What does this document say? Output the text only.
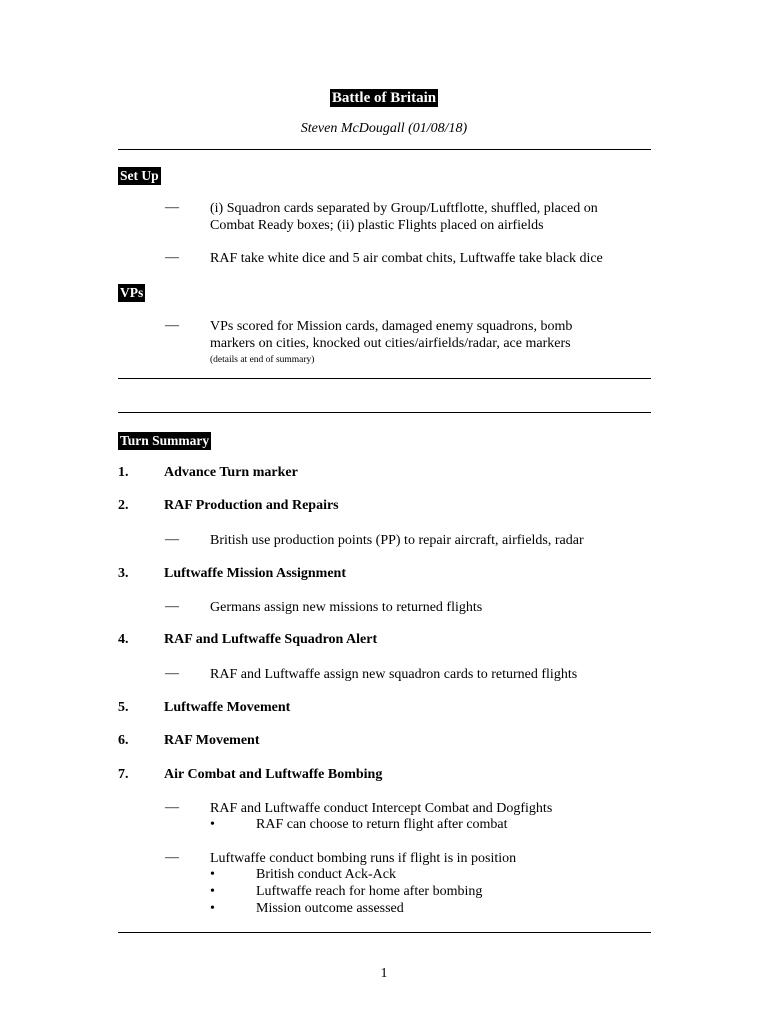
Battle of Britain
Steven McDougall (01/08/18)
Set Up
— (i) Squadron cards separated by Group/Luftflotte, shuffled, placed on
Combat Ready boxes; (ii) plastic Flights placed on airfields
— RAF take white dice and 5 air combat chits, Luftwaffe take black dice
VPs
— VPs scored for Mission cards, damaged enemy squadrons, bomb
markers on cities, knocked out cities/airfields/radar, ace markers
(details at end of summary)
Turn Summary
1.	Advance Turn marker
2.	RAF Production and Repairs
— British use production points (PP) to repair aircraft, airfields, radar
3.	Luftwaffe Mission Assignment
— Germans assign new missions to returned flights
4.	RAF and Luftwaffe Squadron Alert
— RAF and Luftwaffe assign new squadron cards to returned flights
5.	Luftwaffe Movement
6.	RAF Movement
7.	Air Combat and Luftwaffe Bombing
— RAF and Luftwaffe conduct Intercept Combat and Dogfights
•	RAF can choose to return flight after combat
— Luftwaffe conduct bombing runs if flight is in position
•	British conduct Ack-Ack
•	Luftwaffe reach for home after bombing
•	Mission outcome assessed
1
